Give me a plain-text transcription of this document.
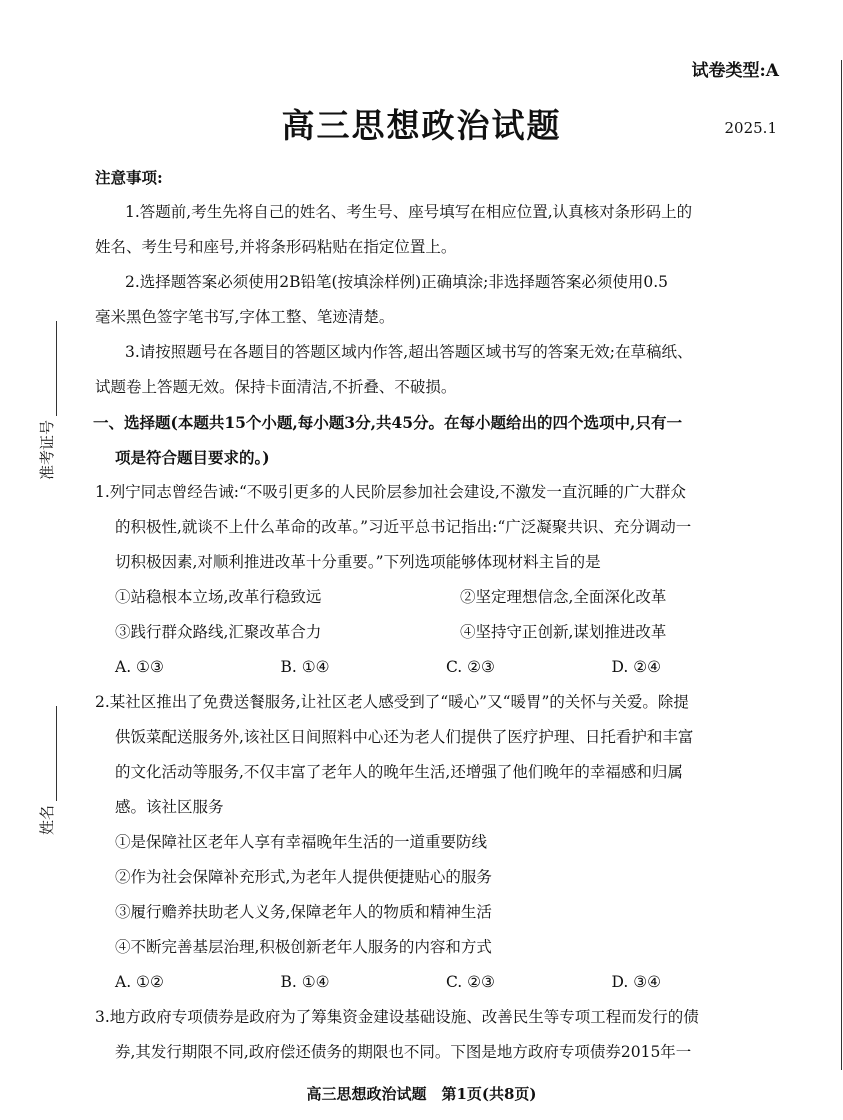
试卷类型:A
高三思想政治试题	2025.1
准考证号
姓名
注意事项:
1.答题前,考生先将自己的姓名、考生号、座号填写在相应位置,认真核对条形码上的
姓名、考生号和座号,并将条形码粘贴在指定位置上。
2.选择题答案必须使用2B铅笔(按填涂样例)正确填涂;非选择题答案必须使用0.5
毫米黑色签字笔书写,字体工整、笔迹清楚。
3.请按照题号在各题目的答题区域内作答,超出答题区域书写的答案无效;在草稿纸、
试题卷上答题无效。保持卡面清洁,不折叠、不破损。
一、选择题(本题共15个小题,每小题3分,共45分。在每小题给出的四个选项中,只有一
项是符合题目要求的。)
1.列宁同志曾经告诫:“不吸引更多的人民阶层参加社会建设,不激发一直沉睡的广大群众
的积极性,就谈不上什么革命的改革。”习近平总书记指出:“广泛凝聚共识、充分调动一
切积极因素,对顺利推进改革十分重要。”下列选项能够体现材料主旨的是
①站稳根本立场,改革行稳致远	②坚定理想信念,全面深化改革
③践行群众路线,汇聚改革合力	④坚持守正创新,谋划推进改革
A. ①③	B. ①④	C. ②③	D. ②④
2.某社区推出了免费送餐服务,让社区老人感受到了“暖心”又“暖胃”的关怀与关爱。除提
供饭菜配送服务外,该社区日间照料中心还为老人们提供了医疗护理、日托看护和丰富
的文化活动等服务,不仅丰富了老年人的晚年生活,还增强了他们晚年的幸福感和归属
感。该社区服务
①是保障社区老年人享有幸福晚年生活的一道重要防线
②作为社会保障补充形式,为老年人提供便捷贴心的服务
③履行赡养扶助老人义务,保障老年人的物质和精神生活
④不断完善基层治理,积极创新老年人服务的内容和方式
A. ①②	B. ①④	C. ②③	D. ③④
3.地方政府专项债券是政府为了筹集资金建设基础设施、改善民生等专项工程而发行的债
券,其发行期限不同,政府偿还债务的期限也不同。下图是地方政府专项债券2015年一
高三思想政治试题　第1页(共8页)
